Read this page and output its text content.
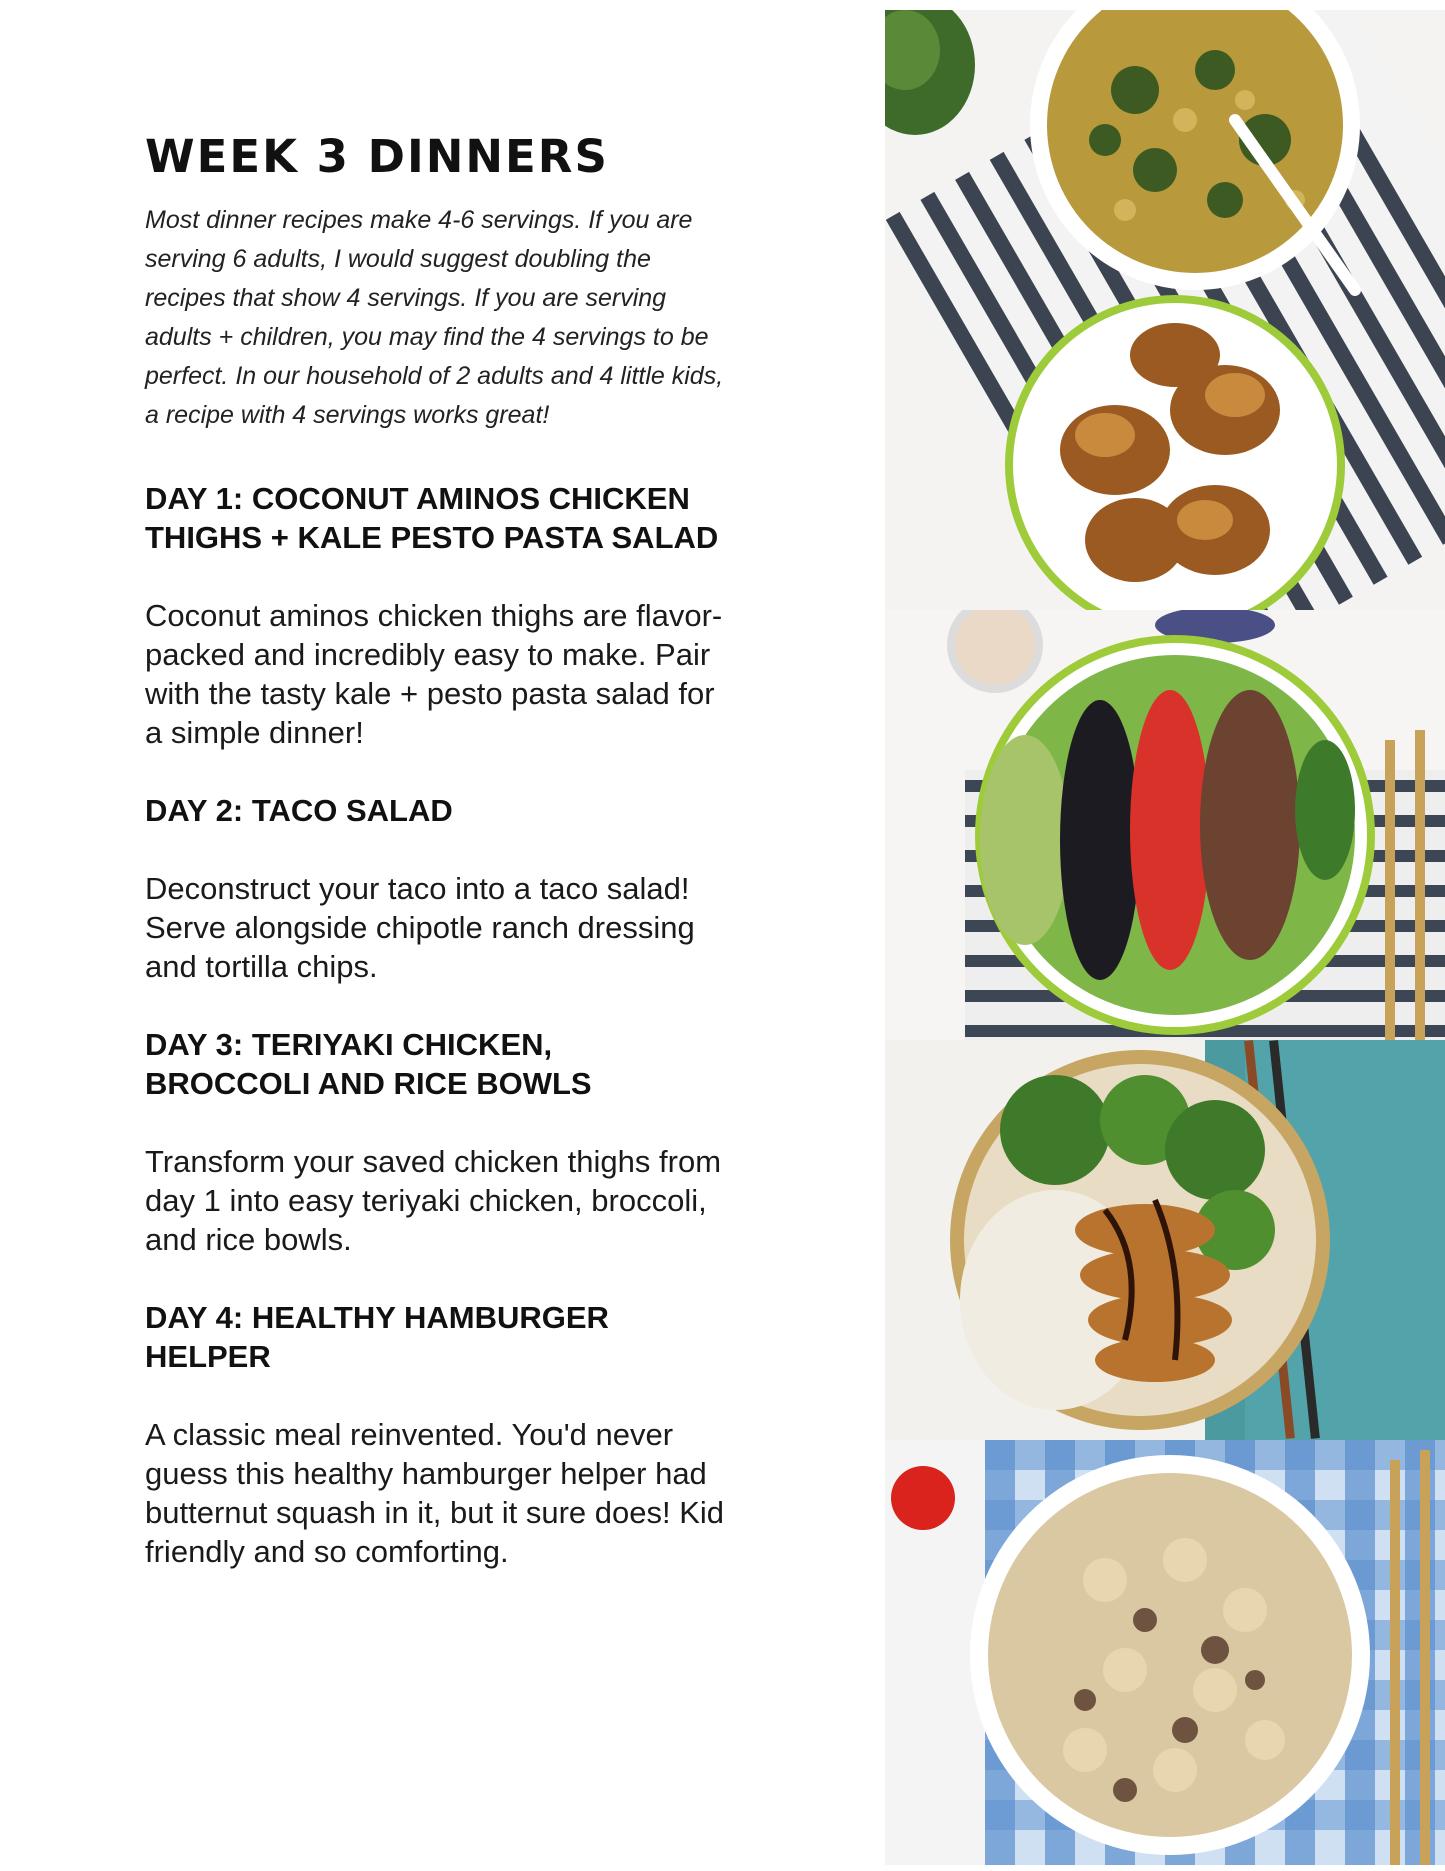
WEEK 3 DINNERS

Most dinner recipes make 4-6 servings. If you are serving 6 adults, I would suggest doubling the recipes that show 4 servings. If you are serving adults + children, you may find the 4 servings to be perfect. In our household of 2 adults and 4 little kids, a recipe with 4 servings works great!

DAY 1: COCONUT AMINOS CHICKEN THIGHS + KALE PESTO PASTA SALAD

Coconut aminos chicken thighs are flavor-packed and incredibly easy to make. Pair with the tasty kale + pesto pasta salad for a simple dinner!

DAY 2: TACO SALAD

Deconstruct your taco into a taco salad! Serve alongside chipotle ranch dressing and tortilla chips.

DAY 3: TERIYAKI CHICKEN, BROCCOLI AND RICE BOWLS

Transform your saved chicken thighs from day 1 into easy teriyaki chicken, broccoli, and rice bowls.

DAY 4: HEALTHY HAMBURGER HELPER

A classic meal reinvented. You'd never guess this healthy hamburger helper had butternut squash in it, but it sure does! Kid friendly and so comforting.
